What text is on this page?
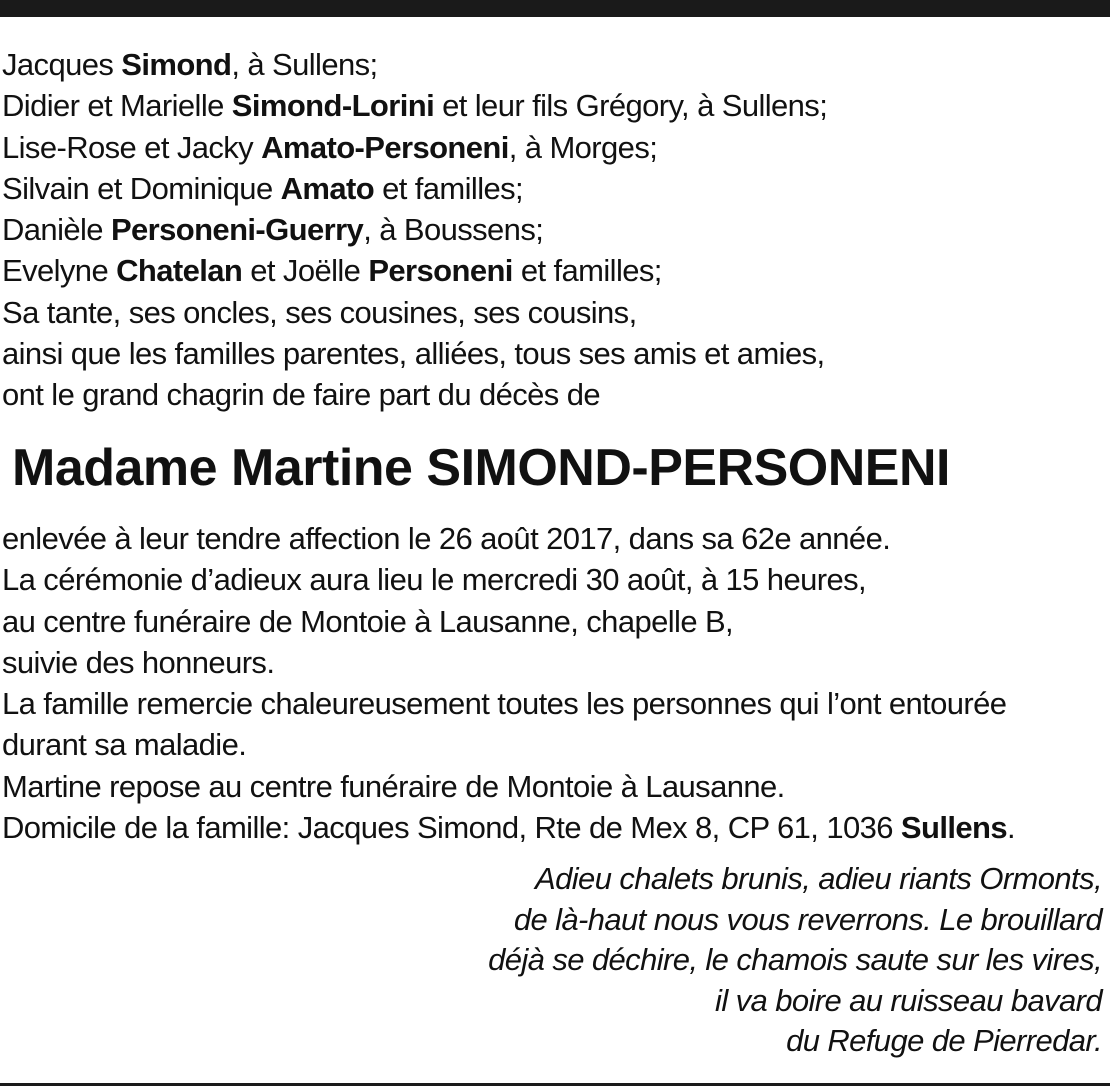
Jacques Simond, à Sullens;
Didier et Marielle Simond-Lorini et leur fils Grégory, à Sullens;
Lise-Rose et Jacky Amato-Personeni, à Morges;
Silvain et Dominique Amato et familles;
Danièle Personeni-Guerry, à Boussens;
Evelyne Chatelan et Joëlle Personeni et familles;
Sa tante, ses oncles, ses cousines, ses cousins,
ainsi que les familles parentes, alliées, tous ses amis et amies,
ont le grand chagrin de faire part du décès de
Madame Martine SIMOND-PERSONENI
enlevée à leur tendre affection le 26 août 2017, dans sa 62e année.
La cérémonie d’adieux aura lieu le mercredi 30 août, à 15 heures,
au centre funéraire de Montoie à Lausanne, chapelle B,
suivie des honneurs.
La famille remercie chaleureusement toutes les personnes qui l’ont entourée
durant sa maladie.
Martine repose au centre funéraire de Montoie à Lausanne.
Domicile de la famille: Jacques Simond, Rte de Mex 8, CP 61, 1036 Sullens.
Adieu chalets brunis, adieu riants Ormonts,
de là-haut nous vous reverrons. Le brouillard
déjà se déchire, le chamois saute sur les vires,
il va boire au ruisseau bavard
du Refuge de Pierredar.
